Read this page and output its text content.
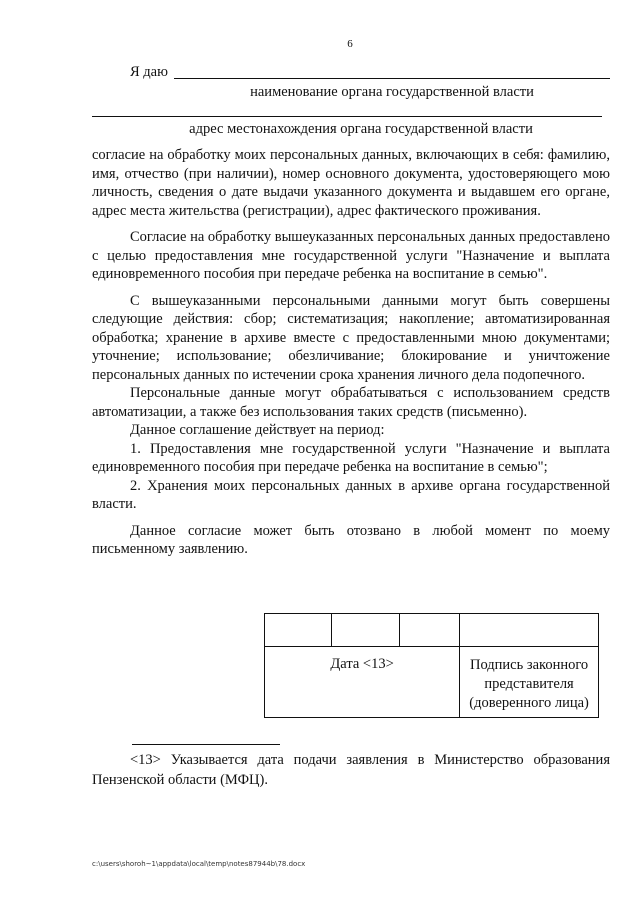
6
Я даю
наименование органа государственной власти
адрес местонахождения органа государственной власти

согласие на обработку моих персональных данных, включающих в себя: фамилию, имя, отчество (при наличии), номер основного документа, удостоверяющего мою личность, сведения о дате выдачи указанного документа и выдавшем его органе, адрес места жительства (регистрации), адрес фактического проживания.

Согласие на обработку вышеуказанных персональных данных предоставлено с целью предоставления мне государственной услуги "Назначение и выплата единовременного пособия при передаче ребенка на воспитание в семью".

С вышеуказанными персональными данными могут быть совершены следующие действия: сбор; систематизация; накопление; автоматизированная обработка; хранение в архиве вместе с предоставленными мною документами; уточнение; использование; обезличивание; блокирование и уничтожение персональных данных по истечении срока хранения личного дела подопечного.

Персональные данные могут обрабатываться с использованием средств автоматизации, а также без использования таких средств (письменно).

Данное соглашение действует на период:

1. Предоставления мне государственной услуги "Назначение и выплата единовременного пособия при передаче ребенка на воспитание в семью";

2. Хранения моих персональных данных в архиве органа государственной власти.

Данное согласие может быть отозвано в любой момент по моему письменному заявлению.

Дата <13>			Подпись законного представителя (доверенного лица)
<13> Указывается дата подачи заявления в Министерство образования Пензенской области (МФЦ).
c:\users\shoroh~1\appdata\local\temp\notes87944b\78.docx
